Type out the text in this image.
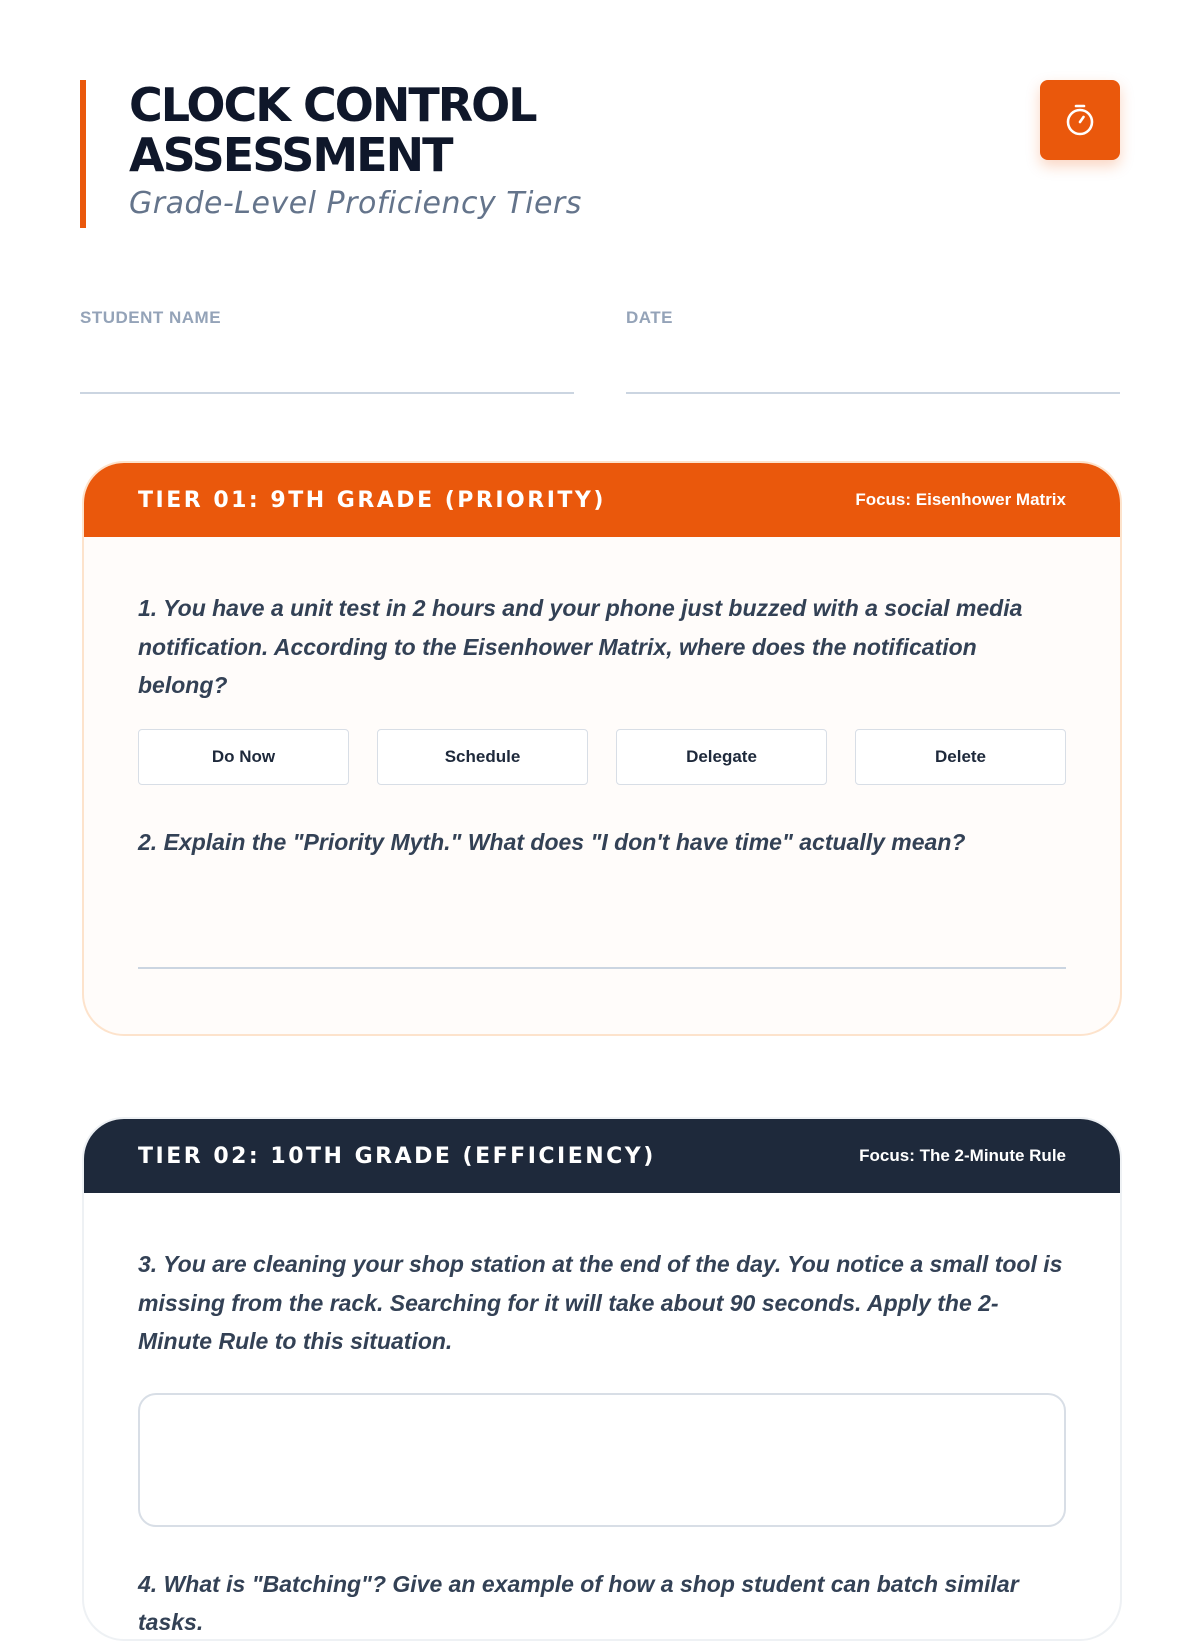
CLOCK CONTROL
ASSESSMENT
Grade-Level Proficiency Tiers
STUDENT NAME	DATE
TIER 01: 9TH GRADE (PRIORITY)	Focus: Eisenhower Matrix

1. You have a unit test in 2 hours and your phone just buzzed with a social media notification. According to the Eisenhower Matrix, where does the notification belong?

Do Now	Schedule	Delegate	Delete

2. Explain the "Priority Myth." What does "I don't have time" actually mean?

TIER 02: 10TH GRADE (EFFICIENCY)	Focus: The 2-Minute Rule

3. You are cleaning your shop station at the end of the day. You notice a small tool is missing from the rack. Searching for it will take about 90 seconds. Apply the 2-Minute Rule to this situation.

4. What is "Batching"? Give an example of how a shop student can batch similar tasks.
